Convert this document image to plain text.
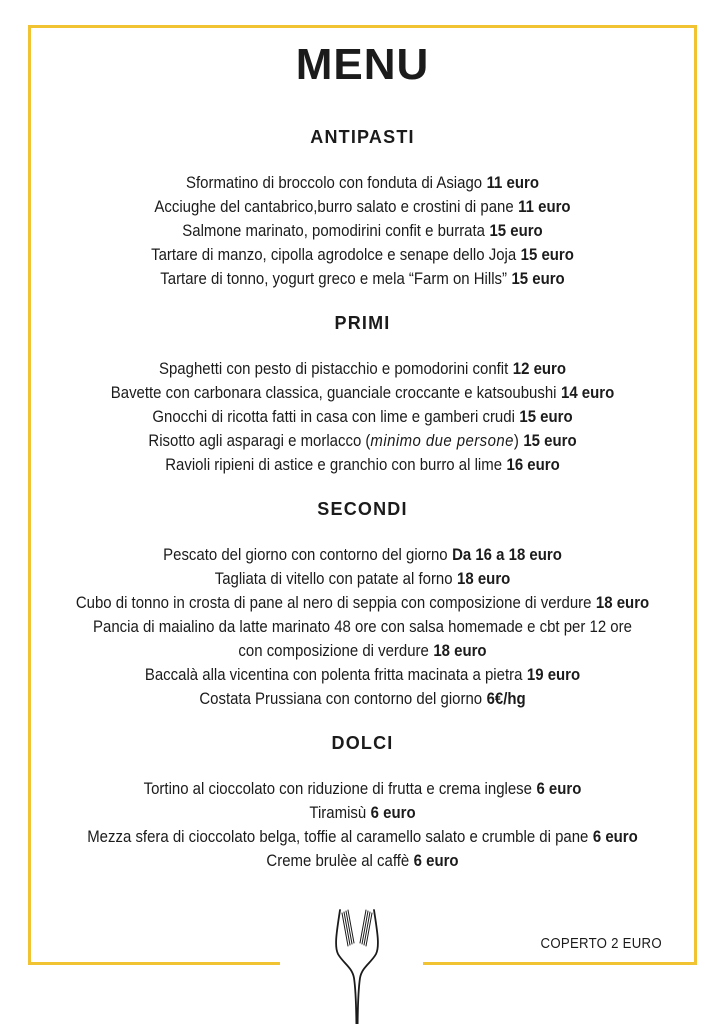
MENU
ANTIPASTI
Sformatino di broccolo con fonduta di Asiago 11 euro
Acciughe del cantabrico,burro salato e crostini di pane 11 euro
Salmone marinato, pomodirini confit e burrata 15 euro
Tartare di manzo, cipolla agrodolce e senape dello Joja 15 euro
Tartare di tonno, yogurt greco e mela “Farm on Hills” 15 euro
PRIMI
Spaghetti con pesto di pistacchio e pomodorini confit 12 euro
Bavette con carbonara classica, guanciale croccante e katsoubushi 14 euro
Gnocchi di ricotta fatti in casa con lime e gamberi crudi 15 euro
Risotto agli asparagi e morlacco (minimo due persone) 15 euro
Ravioli ripieni di astice e granchio con burro al lime 16 euro
SECONDI
Pescato del giorno con contorno del giorno Da 16 a 18 euro
Tagliata di vitello con patate al forno 18 euro
Cubo di tonno in crosta di pane al nero di seppia con composizione di verdure 18 euro
Pancia di maialino da latte marinato 48 ore con salsa homemade e cbt per 12 ore
con composizione di verdure 18 euro
Baccalà alla vicentina con polenta fritta macinata a pietra 19 euro
Costata Prussiana con contorno del giorno 6€/hg
DOLCI
Tortino al cioccolato con riduzione di frutta e crema inglese 6 euro
Tiramisù 6 euro
Mezza sfera di cioccolato belga, toffie al caramello salato e crumble di pane 6 euro
Creme brulèe al caffè 6 euro
COPERTO 2 EURO
